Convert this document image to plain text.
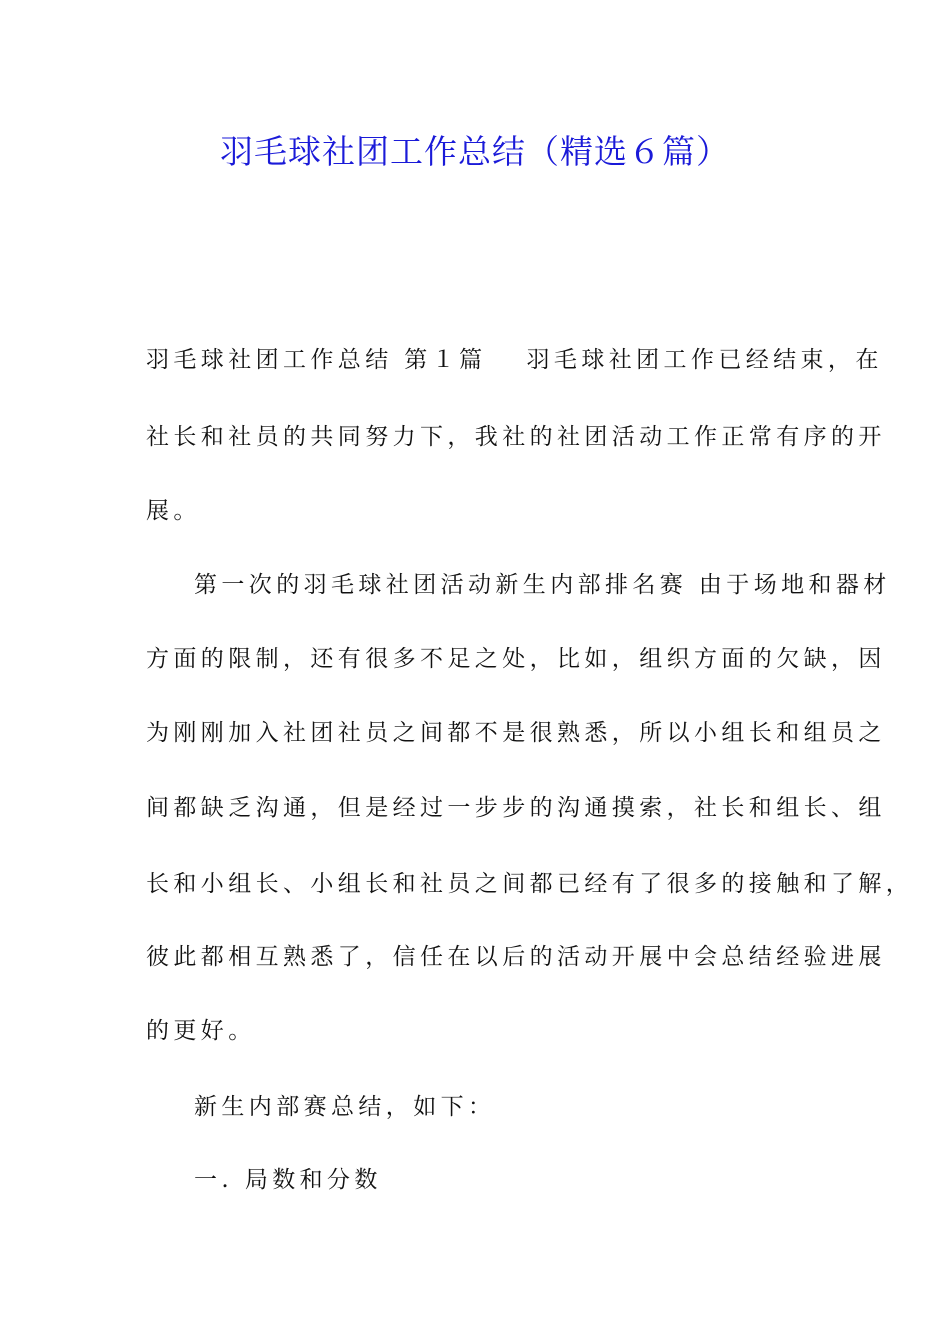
羽毛球社团工作总结（精选６篇）
羽毛球社团工作总结 第１篇 羽毛球社团工作已经结束，在
社长和社员的共同努力下，我社的社团活动工作正常有序的开
展。
第一次的羽毛球社团活动新生内部排名赛 由于场地和器材
方面的限制，还有很多不足之处，比如，组织方面的欠缺，因
为刚刚加入社团社员之间都不是很熟悉，所以小组长和组员之
间都缺乏沟通，但是经过一步步的沟通摸索，社长和组长、组
长和小组长、小组长和社员之间都已经有了很多的接触和了解，
彼此都相互熟悉了，信任在以后的活动开展中会总结经验进展
的更好。
新生内部赛总结，如下：
一. 局数和分数
